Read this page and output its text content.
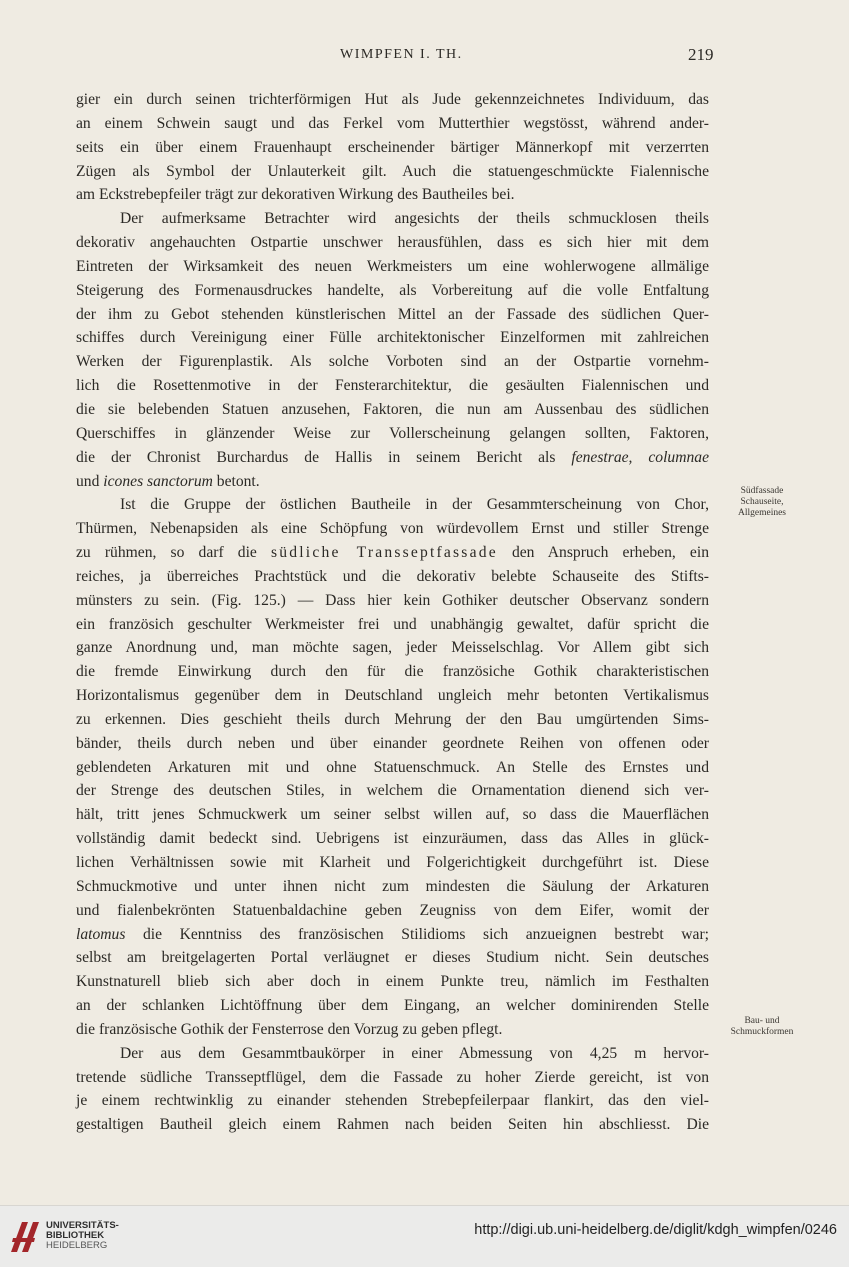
WIMPFEN I. TH.	219
gier ein durch seinen trichterförmigen Hut als Jude gekennzeichnetes Individuum, das
an einem Schwein saugt und das Ferkel vom Mutterthier wegstösst, während ander-
seits ein über einem Frauenhaupt erscheinender bärtiger Männerkopf mit verzerrten
Zügen als Symbol der Unlauterkeit gilt. Auch die statuengeschmückte Fialennische
am Eckstrebepfeiler trägt zur dekorativen Wirkung des Bautheiles bei.
Der aufmerksame Betrachter wird angesichts der theils schmucklosen theils
dekorativ angehauchten Ostpartie unschwer herausfühlen, dass es sich hier mit dem
Eintreten der Wirksamkeit des neuen Werkmeisters um eine wohlerwogene allmälige
Steigerung des Formenausdruckes handelte, als Vorbereitung auf die volle Entfaltung
der ihm zu Gebot stehenden künstlerischen Mittel an der Fassade des südlichen Quer-
schiffes durch Vereinigung einer Fülle architektonischer Einzelformen mit zahlreichen
Werken der Figurenplastik. Als solche Vorboten sind an der Ostpartie vornehm-
lich die Rosettenmotive in der Fensterarchitektur, die gesäulten Fialennischen und
die sie belebenden Statuen anzusehen, Faktoren, die nun am Aussenbau des südlichen
Querschiffes in glänzender Weise zur Vollerscheinung gelangen sollten, Faktoren,
die der Chronist Burchardus de Hallis in seinem Bericht als fenestrae, columnae
und icones sanctorum betont.
Ist die Gruppe der östlichen Bautheile in der Gesammterscheinung von Chor,
Thürmen, Nebenapsiden als eine Schöpfung von würdevollem Ernst und stiller Strenge
zu rühmen, so darf die südliche Transseptfassade den Anspruch erheben, ein
reiches, ja überreiches Prachtstück und die dekorativ belebte Schauseite des Stifts-
münsters zu sein. (Fig. 125.) — Dass hier kein Gothiker deutscher Observanz sondern
ein französich geschulter Werkmeister frei und unabhängig gewaltet, dafür spricht die
ganze Anordnung und, man möchte sagen, jeder Meisselschlag. Vor Allem gibt sich
die fremde Einwirkung durch den für die französiche Gothik charakteristischen
Horizontalismus gegenüber dem in Deutschland ungleich mehr betonten Vertikalismus
zu erkennen. Dies geschieht theils durch Mehrung der den Bau umgürtenden Sims-
bänder, theils durch neben und über einander geordnete Reihen von offenen oder
geblendeten Arkaturen mit und ohne Statuenschmuck. An Stelle des Ernstes und
der Strenge des deutschen Stiles, in welchem die Ornamentation dienend sich ver-
hält, tritt jenes Schmuckwerk um seiner selbst willen auf, so dass die Mauerflächen
vollständig damit bedeckt sind. Uebrigens ist einzuräumen, dass das Alles in glück-
lichen Verhältnissen sowie mit Klarheit und Folgerichtigkeit durchgeführt ist. Diese
Schmuckmotive und unter ihnen nicht zum mindesten die Säulung der Arkaturen
und fialenbekrönten Statuenbaldachine geben Zeugniss von dem Eifer, womit der
latomus die Kenntniss des französischen Stilidioms sich anzueignen bestrebt war;
selbst am breitgelagerten Portal verläugnet er dieses Studium nicht. Sein deutsches
Kunstnaturell blieb sich aber doch in einem Punkte treu, nämlich im Festhalten
an der schlanken Lichtöffnung über dem Eingang, an welcher dominirenden Stelle
die französische Gothik der Fensterrose den Vorzug zu geben pflegt.
Der aus dem Gesammtbaukörper in einer Abmessung von 4,25 m hervor-
tretende südliche Transseptflügel, dem die Fassade zu hoher Zierde gereicht, ist von
je einem rechtwinklig zu einander stehenden Strebepfeilerpaar flankirt, das den viel-
gestaltigen Bautheil gleich einem Rahmen nach beiden Seiten hin abschliesst. Die
Südfassade
Schauseite,
Allgemeines
Bau- und
Schmuckformen
UNIVERSITÄTS-
BIBLIOTHEK
HEIDELBERG
http://digi.ub.uni-heidelberg.de/diglit/kdgh_wimpfen/0246
